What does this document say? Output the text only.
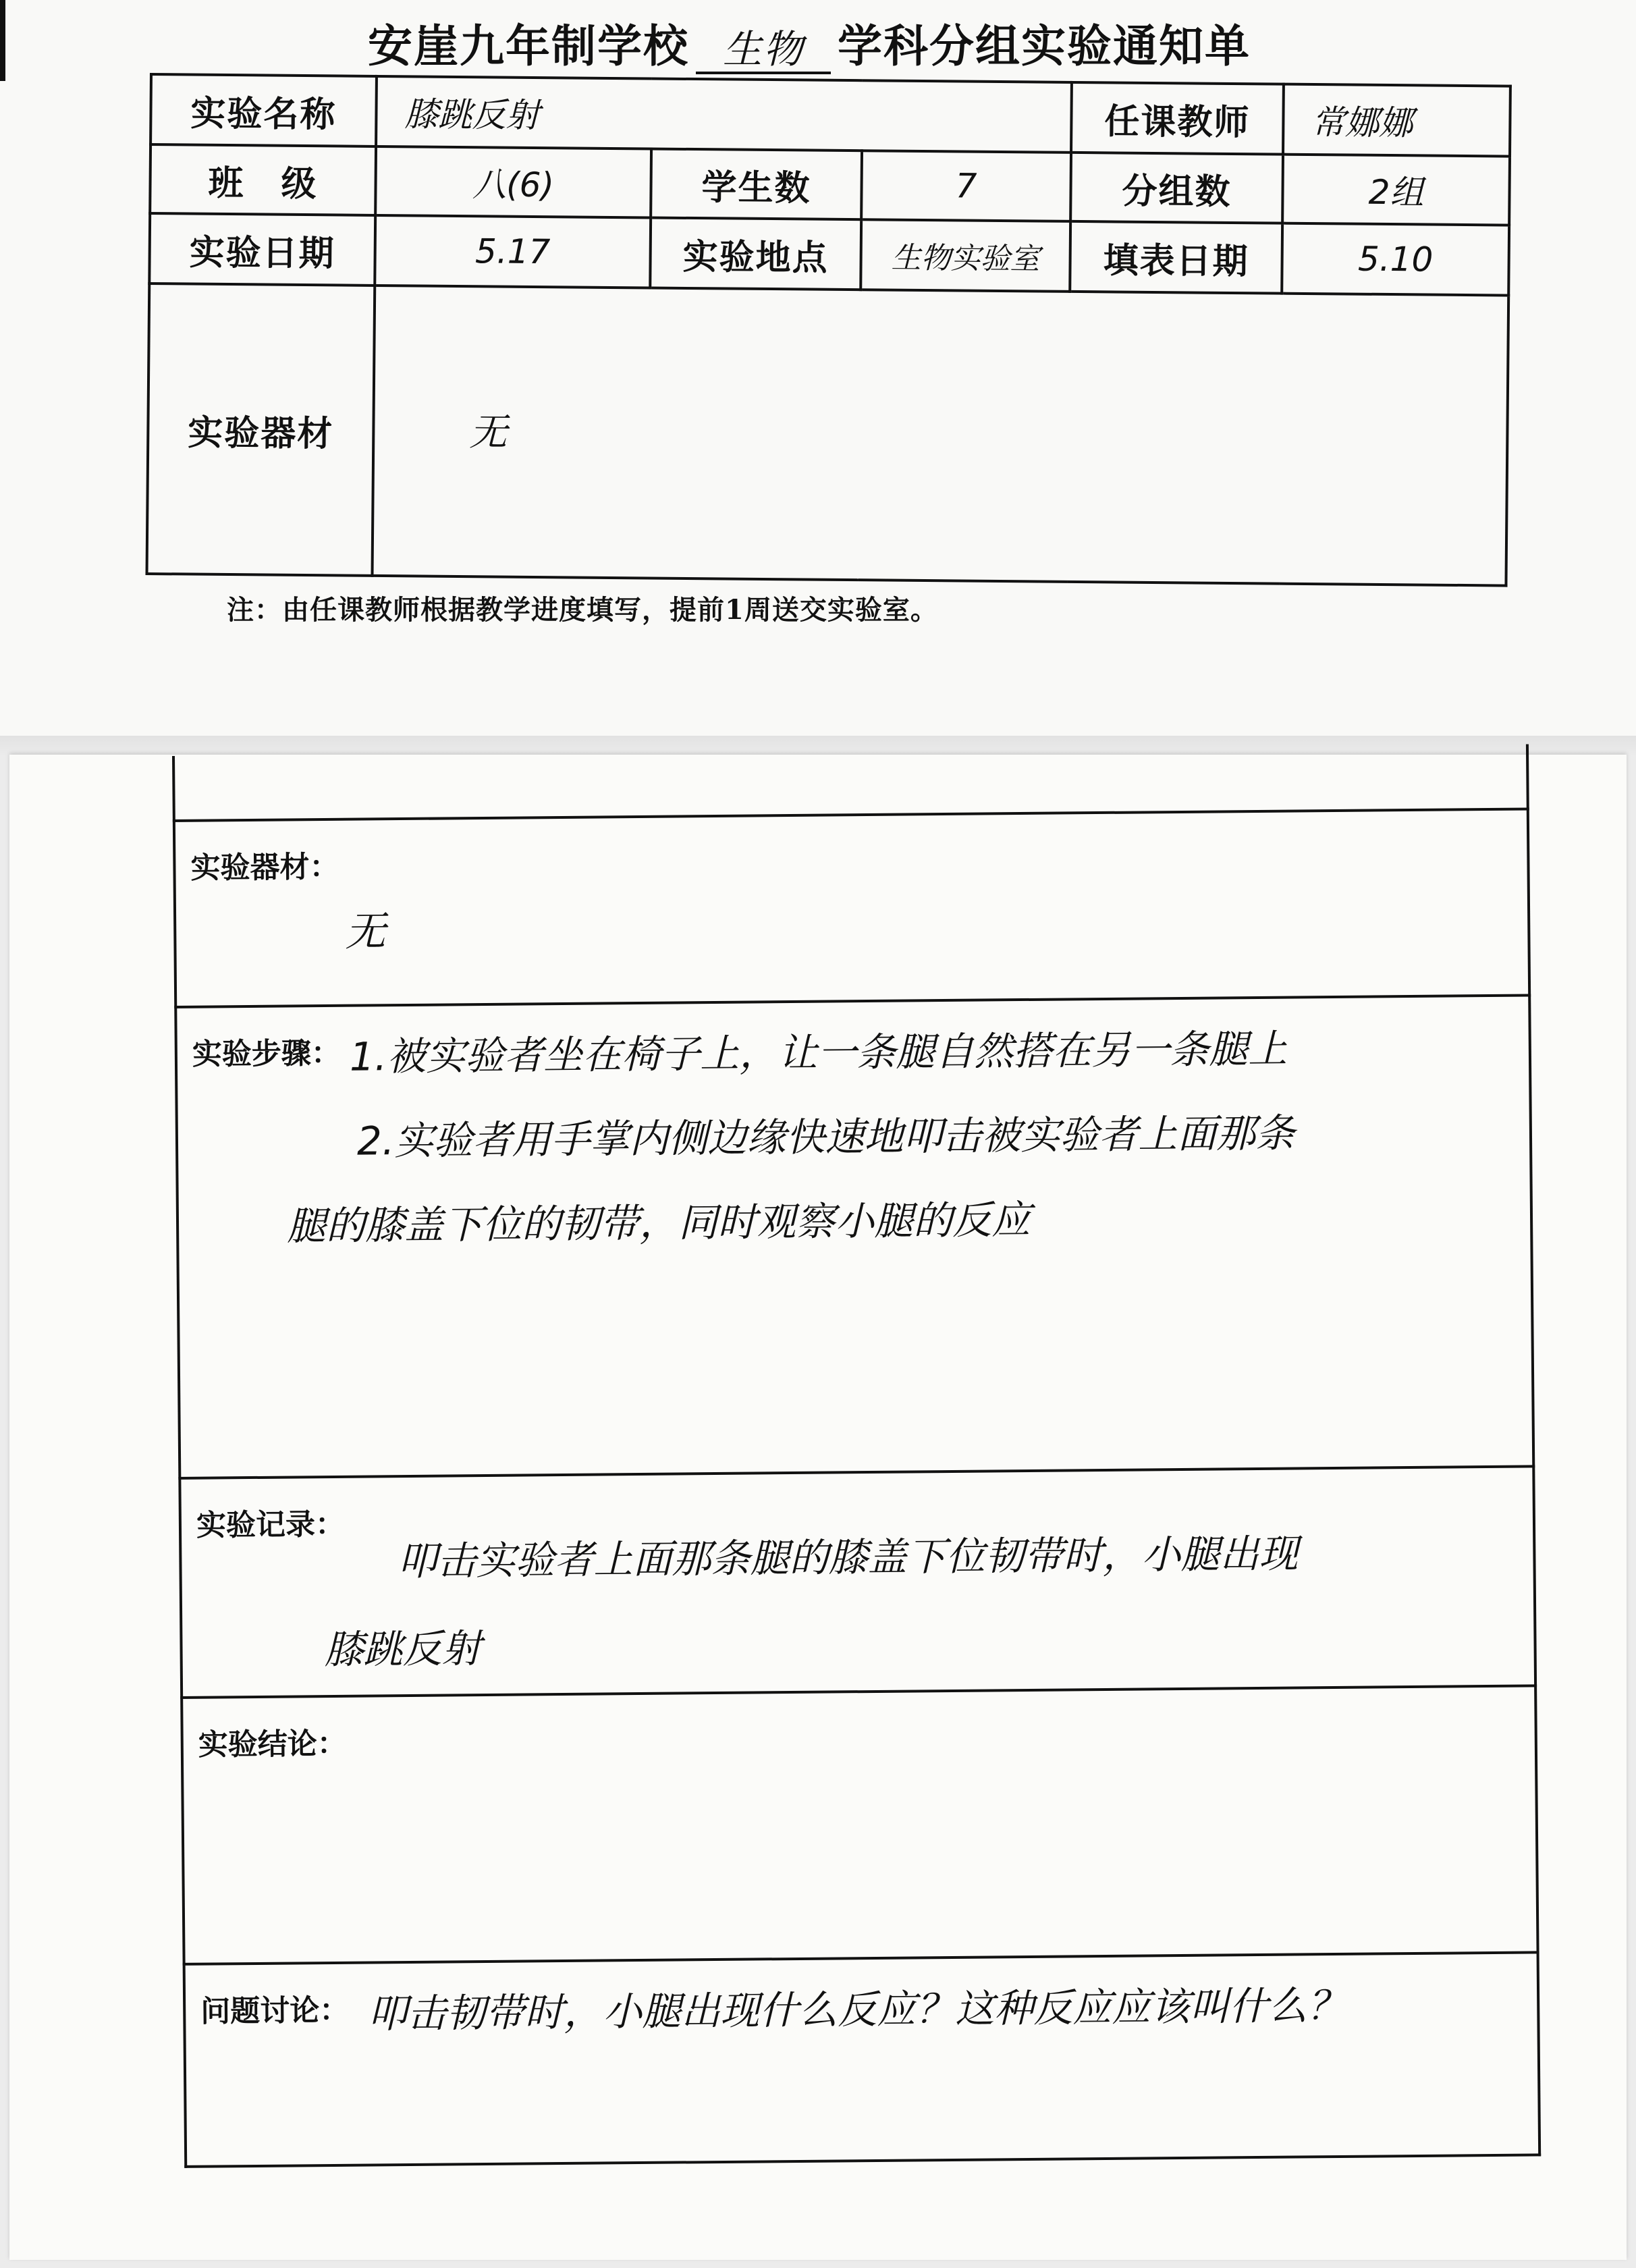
安崖九年制学校 生物 学科分组实验通知单
实验名称	膝跳反射			任课教师	常娜娜
班　级	八(6)	学生数	7	分组数	2组
实验日期	5.17	实验地点	生物实验室	填表日期	5.10
实验器材	无				
注：由任课教师根据教学进度填写，提前1周送交实验室。

实验器材：
无

实验步骤： 1.被实验者坐在椅子上，让一条腿自然搭在另一条腿上
2.实验者用手掌内侧边缘快速地叩击被实验者上面那条
腿的膝盖下位的韧带，同时观察小腿的反应

实验记录：
叩击实验者上面那条腿的膝盖下位韧带时，小腿出现
膝跳反射

实验结论：
问题讨论： 叩击韧带时，小腿出现什么反应？这种反应应该叫什么？
